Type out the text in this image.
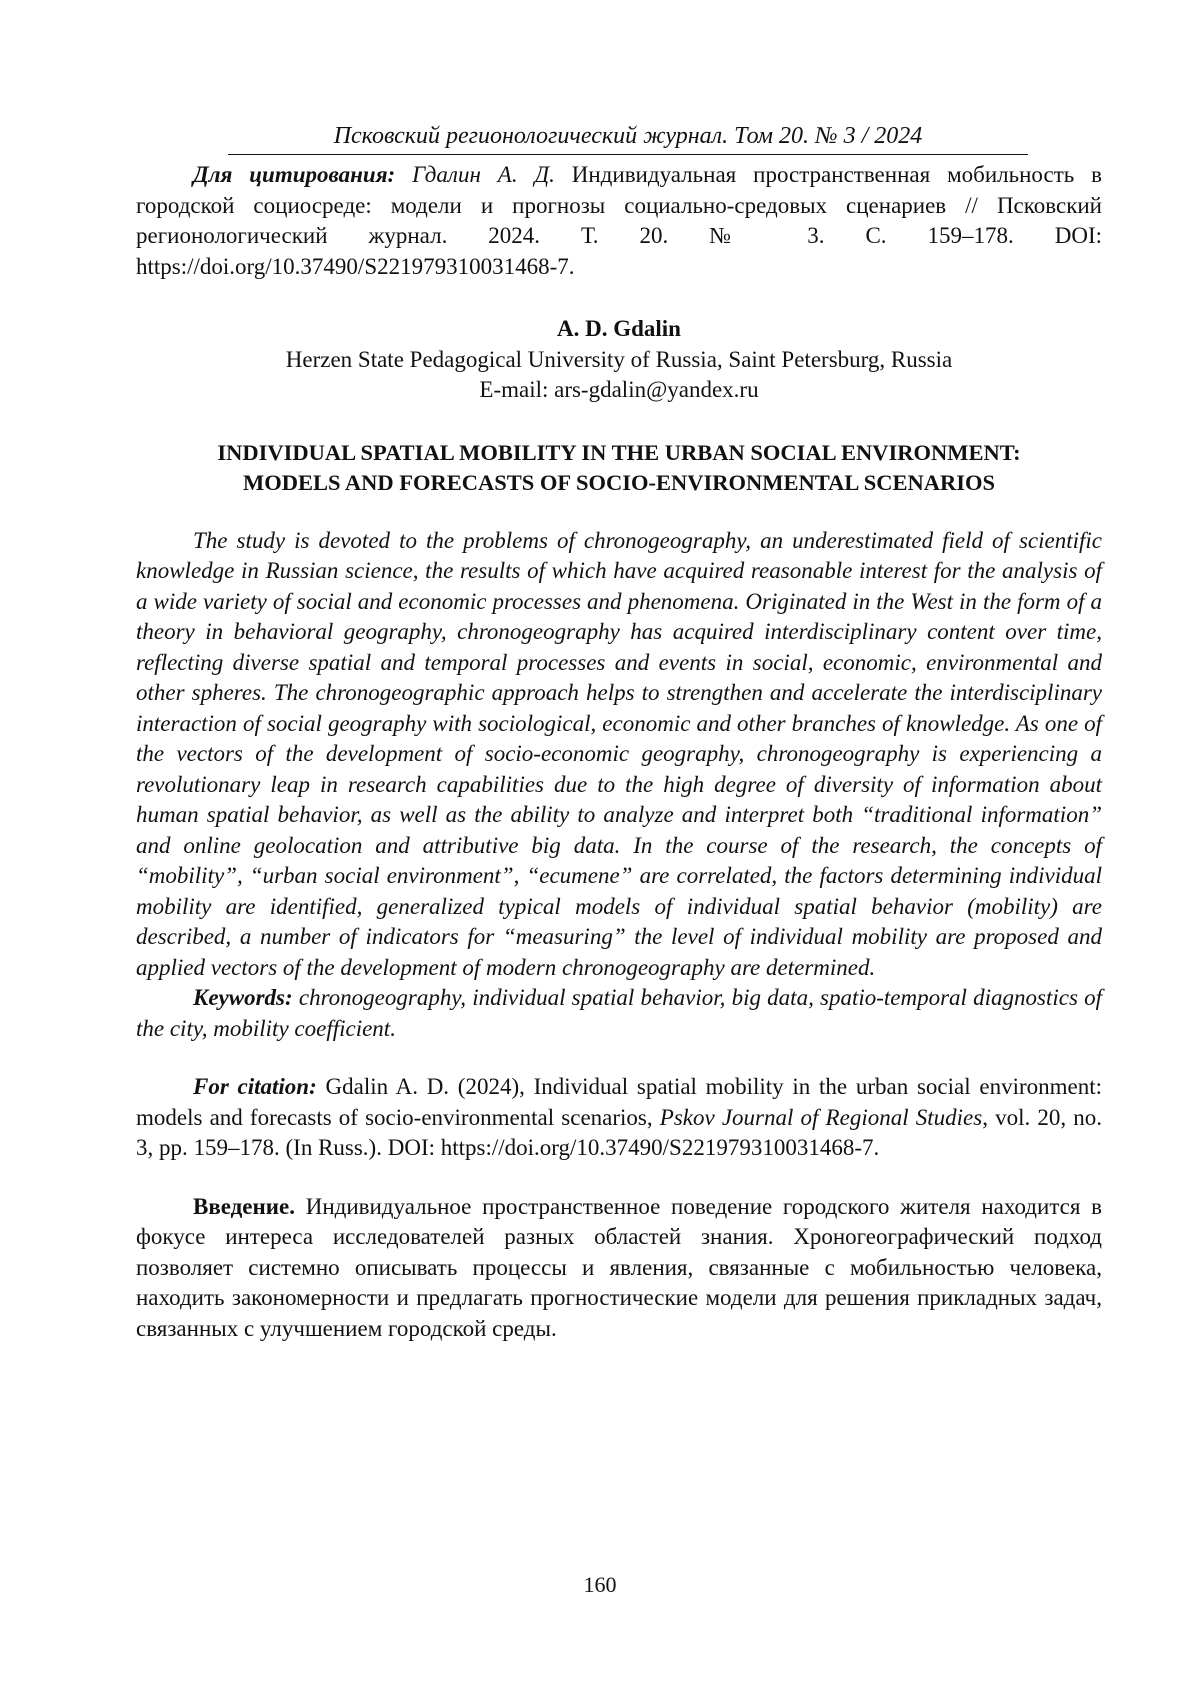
Псковский регионологический журнал. Том 20. № 3 / 2024

Для цитирования: Гдалин А. Д. Индивидуальная пространственная мобильность в городской социосреде: модели и прогнозы социально-средовых сценариев // Псковский регионологический журнал. 2024. Т. 20. № 3. С. 159–178. DOI: https://doi.org/10.37490/S221979310031468-7.

A. D. Gdalin

Herzen State Pedagogical University of Russia, Saint Petersburg, Russia

E-mail: ars-gdalin@yandex.ru

INDIVIDUAL SPATIAL MOBILITY IN THE URBAN SOCIAL ENVIRONMENT:
MODELS AND FORECASTS OF SOCIO-ENVIRONMENTAL SCENARIOS

The study is devoted to the problems of chronogeography, an underestimated field of scientific knowledge in Russian science, the results of which have acquired reasonable interest for the analysis of a wide variety of social and economic processes and phenomena. Originated in the West in the form of a theory in behavioral geography, chronogeography has acquired interdisciplinary content over time, reflecting diverse spatial and temporal processes and events in social, economic, environmental and other spheres. The chronogeographic approach helps to strengthen and accelerate the interdisciplinary interaction of social geography with sociological, economic and other branches of knowledge. As one of the vectors of the development of socio-economic geography, chronogeography is experiencing a revolutionary leap in research capabilities due to the high degree of diversity of information about human spatial behavior, as well as the ability to analyze and interpret both “traditional information” and online geolocation and attributive big data. In the course of the research, the concepts of “mobility”, “urban social environment”, “ecumene” are correlated, the factors determining individual mobility are identified, generalized typical models of individual spatial behavior (mobility) are described, a number of indicators for “measuring” the level of individual mobility are proposed and applied vectors of the development of modern chronogeography are determined.

Keywords: chronogeography, individual spatial behavior, big data, spatio-temporal diagnostics of the city, mobility coefficient.

For citation: Gdalin A. D. (2024), Individual spatial mobility in the urban social environment: models and forecasts of socio-environmental scenarios, Pskov Journal of Regional Studies, vol. 20, no. 3, pp. 159–178. (In Russ.). DOI: https://doi.org/10.37490/S221979310031468-7.

Введение. Индивидуальное пространственное поведение городского жителя находится в фокусе интереса исследователей разных областей знания. Хроногеографический подход позволяет системно описывать процессы и явления, связанные с мобильностью человека, находить закономерности и предлагать прогностические модели для решения прикладных задач, связанных с улучшением городской среды.

160
